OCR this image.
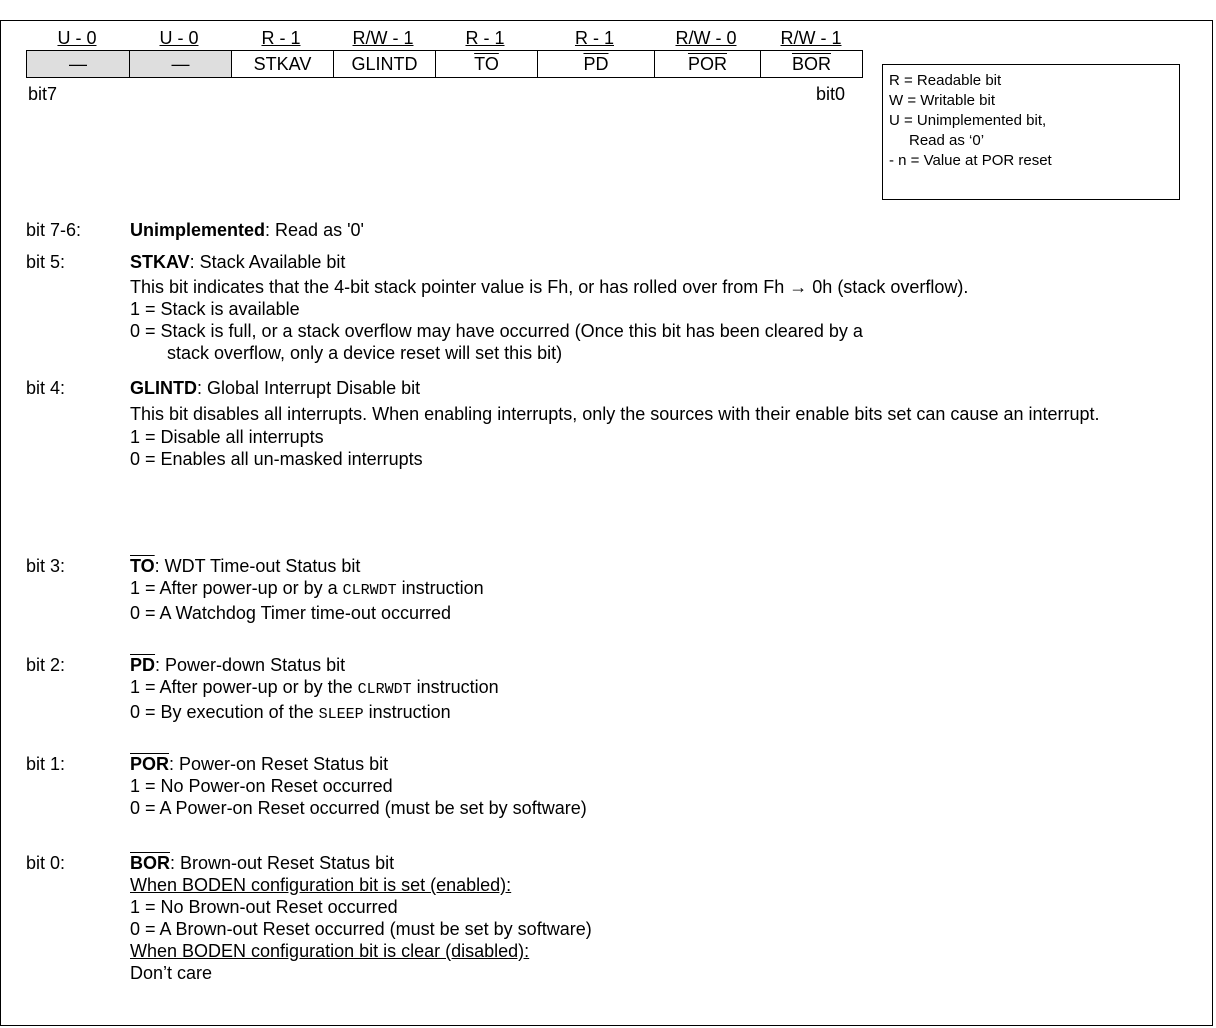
U - 0	U - 0	R - 1	R/W - 1	R - 1	R - 1	R/W - 0	R/W - 1
—	—	STKAV	GLINTD	$\overline{TO}$	$\overline{PD}$	$\overline{POR}$	$\overline{BOR}$
bit7	bit0
R = Readable bit
W = Writable bit
U = Unimplemented bit,
Read as ‘0’
- n = Value at POR reset
bit 7-6:	Unimplemented: Read as '0'
bit 5:	STKAV: Stack Available bit
This bit indicates that the 4-bit stack pointer value is Fh, or has rolled over from Fh → 0h (stack overflow).
1 = Stack is available
0 = Stack is full, or a stack overflow may have occurred (Once this bit has been cleared by a
stack overflow, only a device reset will set this bit)
bit 4:	GLINTD: Global Interrupt Disable bit
This bit disables all interrupts. When enabling interrupts, only the sources with their enable bits set can cause an interrupt.
1 = Disable all interrupts
0 = Enables all un-masked interrupts
bit 3:	$\overline{TO}$: WDT Time-out Status bit
1 = After power-up or by a CLRWDT instruction
0 = A Watchdog Timer time-out occurred
bit 2:	$\overline{PD}$: Power-down Status bit
1 = After power-up or by the CLRWDT instruction
0 = By execution of the SLEEP instruction
bit 1:	$\overline{POR}$: Power-on Reset Status bit
1 = No Power-on Reset occurred
0 = A Power-on Reset occurred (must be set by software)
bit 0:	$\overline{BOR}$: Brown-out Reset Status bit
When BODEN configuration bit is set (enabled):
1 = No Brown-out Reset occurred
0 = A Brown-out Reset occurred (must be set by software)
When BODEN configuration bit is clear (disabled):
Don’t care
